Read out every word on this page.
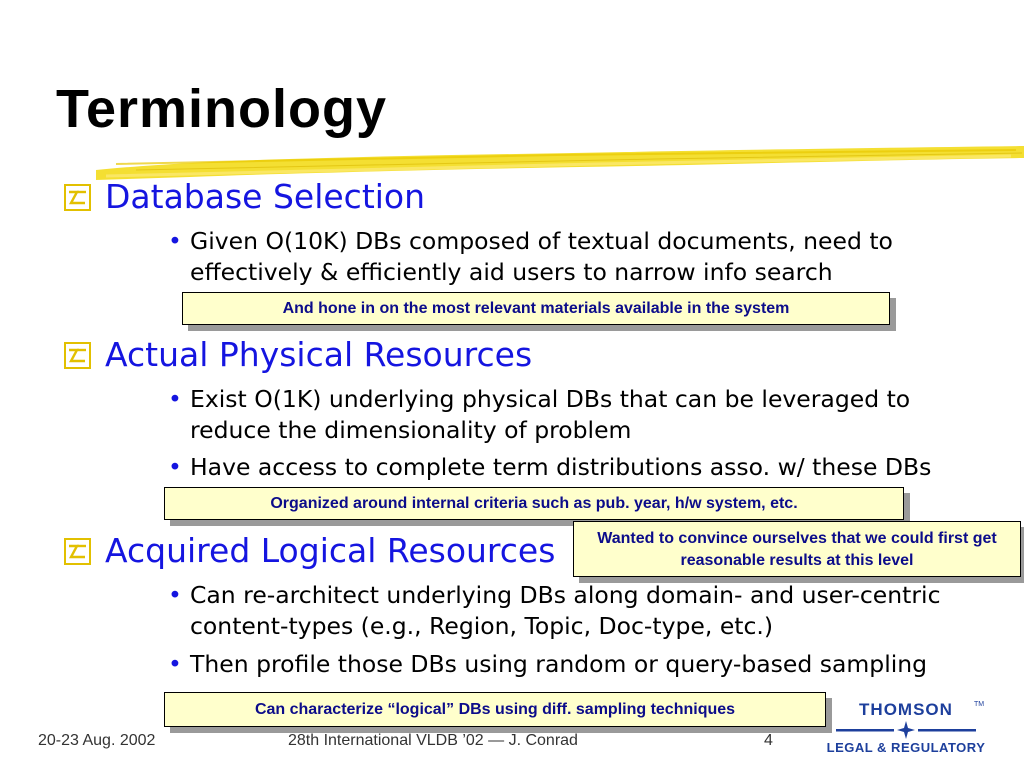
Terminology
Database Selection
• Given O(10K) DBs composed of textual documents, need to effectively & efficiently aid users to narrow info search
And hone in on the most relevant materials available in the system
Actual Physical Resources
• Exist O(1K) underlying physical DBs that can be leveraged to reduce the dimensionality of problem
• Have access to complete term distributions asso. w/ these DBs
Organized around internal criteria such as pub. year, h/w system, etc.
Acquired Logical Resources
• Can re-architect underlying DBs along domain- and user-centric content-types (e.g., Region, Topic, Doc-type, etc.)
• Then profile those DBs using random or query-based sampling
Wanted to convince ourselves that we could first get reasonable results at this level
Can characterize “logical” DBs using diff. sampling techniques
20-23 Aug. 2002	28th International VLDB ’02 — J. Conrad	4
THOMSON	TM
LEGAL & REGULATORY
